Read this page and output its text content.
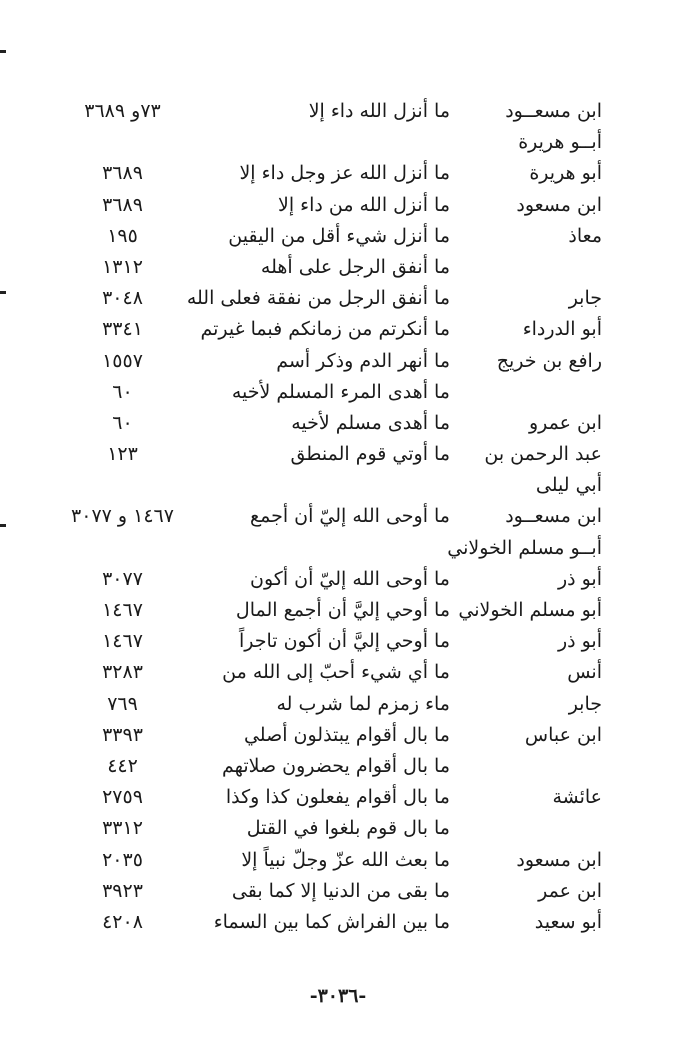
ابن مسعــود
ما أنزل الله داء إلا
٧٣و ٣٦٨٩
أبــو هريرة
أبو هريرة
ما أنزل الله عز وجل داء إلا
٣٦٨٩
ابن مسعود
ما أنزل الله من داء إلا
٣٦٨٩
معاذ
ما أنزل شيء أقل من اليقين
١٩٥
ما أنفق الرجل على أهله
١٣١٢
جابر
ما أنفق الرجل من نفقة فعلى الله
٣٠٤٨
أبو الدرداء
ما أنكرتم من زمانكم فبما غيرتم
٣٣٤١
رافع بن خريج
ما أنهر الدم وذكر أسم
١٥٥٧
ما أهدى المرء المسلم لأخيه
٦٠
ابن عمرو
ما أهدى مسلم لأخيه
٦٠
عبد الرحمن بن
ما أوتي قوم المنطق
١٢٣
أبي ليلى
ابن مسعــود
ما أوحى الله إليّ أن أجمع
١٤٦٧ و ٣٠٧٧
أبــو مسلم الخولاني
أبو ذر
ما أوحى الله إليّ أن أكون
٣٠٧٧
أبو مسلم الخولاني
ما أوحي إليَّ أن أجمع المال
١٤٦٧
أبو ذر
ما أوحي إليَّ أن أكون تاجراً
١٤٦٧
أنس
ما أي شيء أحبّ إلى الله من
٣٢٨٣
جابر
ماء زمزم لما شرب له
٧٦٩
ابن عباس
ما بال أقوام يبتذلون أصلي
٣٣٩٣
ما بال أقوام يحضرون صلاتهم
٤٤٢
عائشة
ما بال أقوام يفعلون كذا وكذا
٢٧٥٩
ما بال قوم بلغوا في القتل
٣٣١٢
ابن مسعود
ما بعث الله عزّ وجلّ نبياً إلا
٢٠٣٥
ابن عمر
ما بقى من الدنيا إلا كما بقى
٣٩٢٣
أبو سعيد
ما بين الفراش كما بين السماء
٤٢٠٨
-٣٠٣٦-
